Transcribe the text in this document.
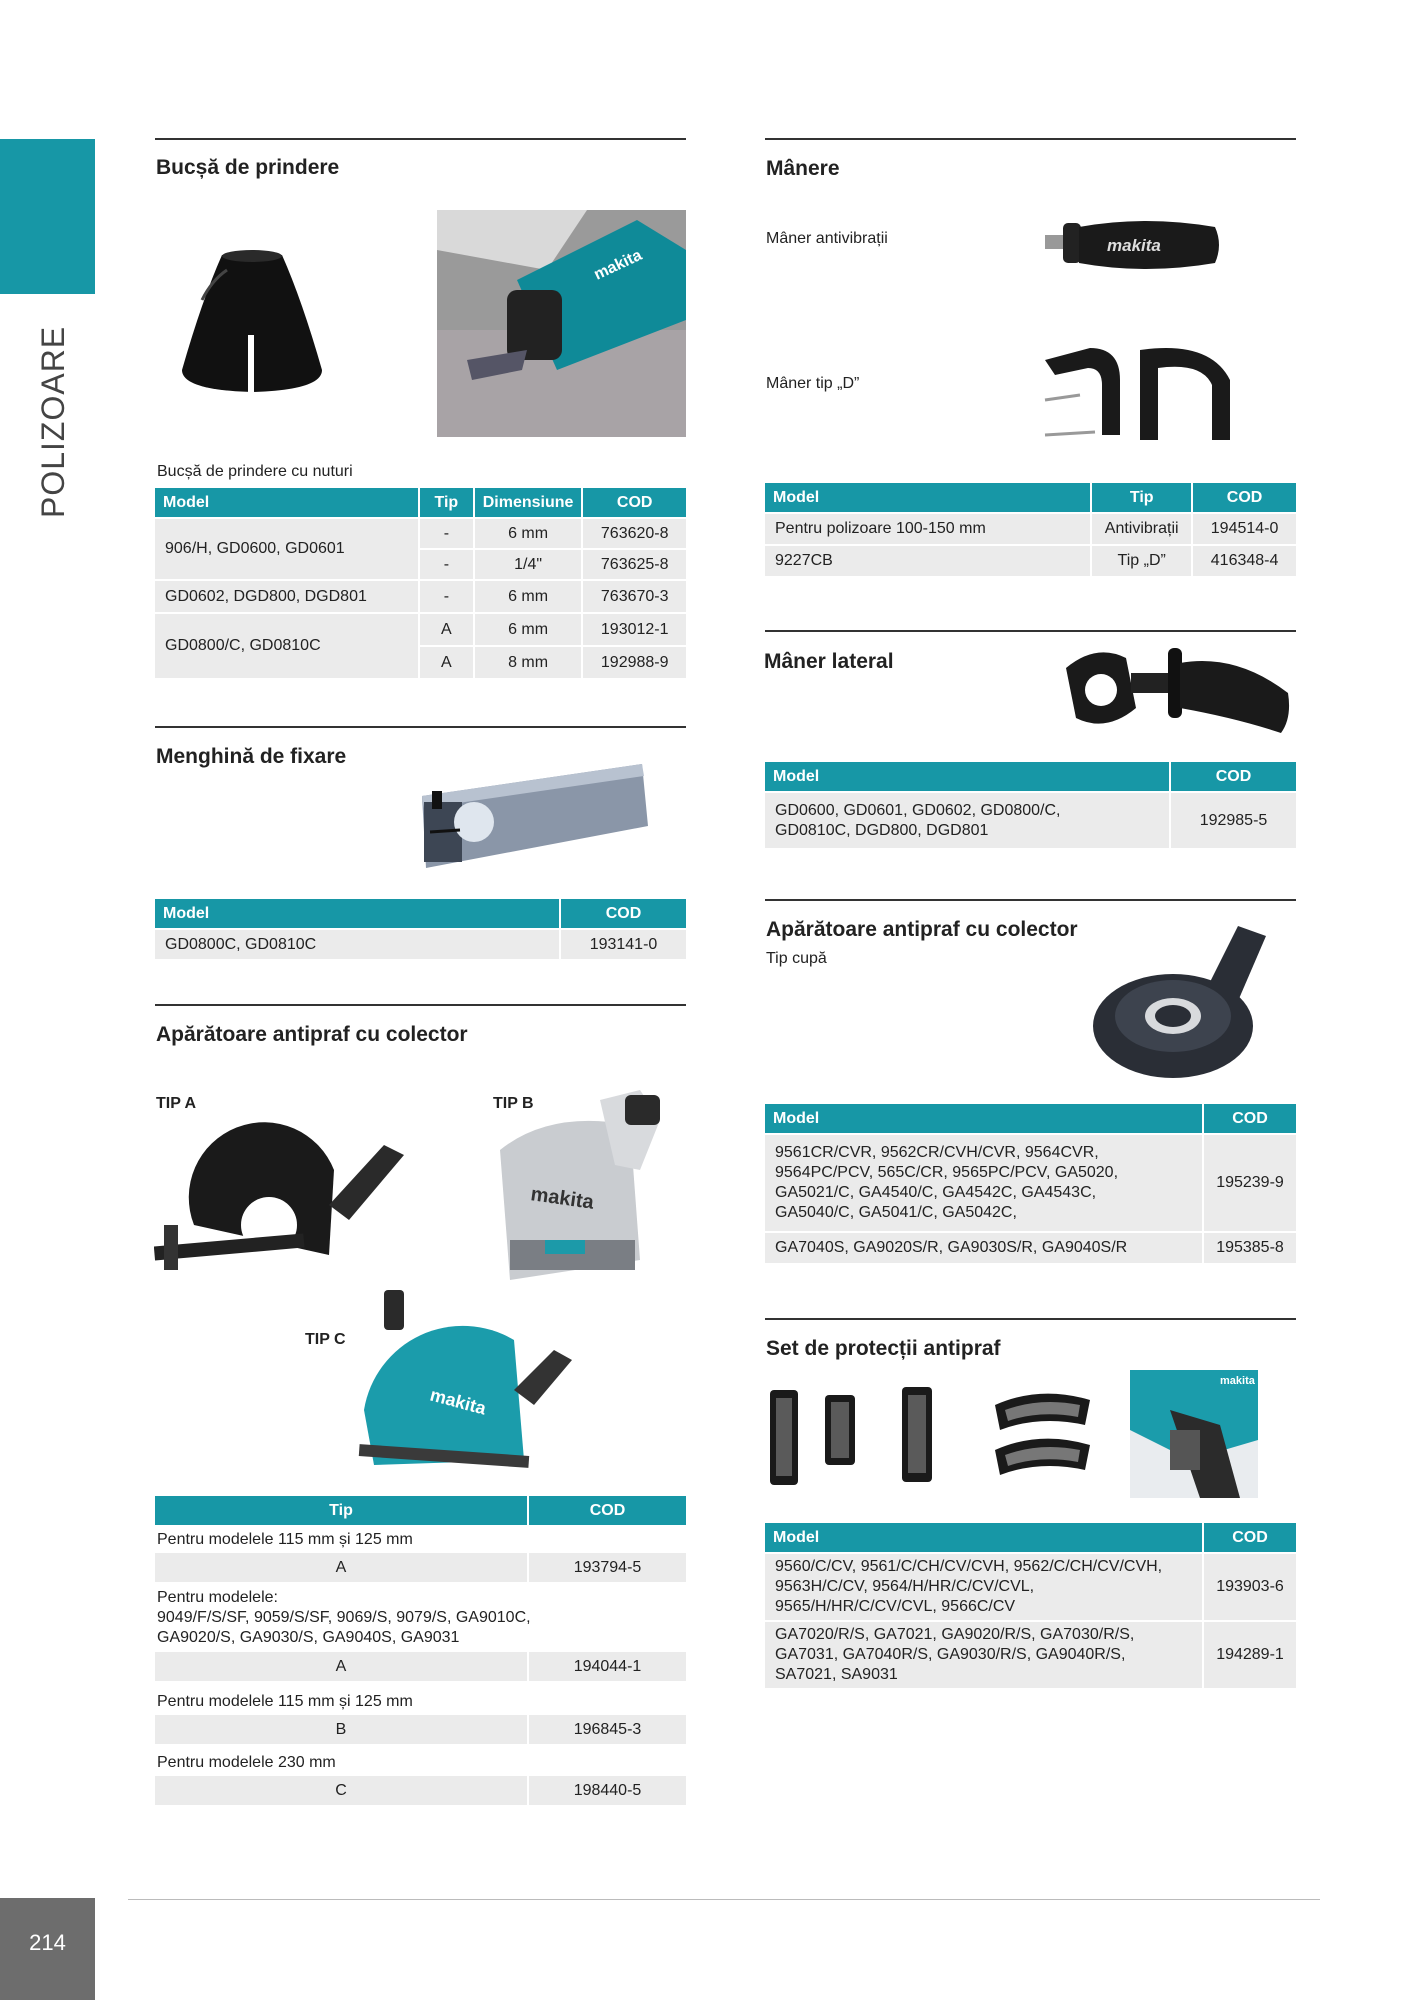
POLIZOARE
214
Bucșă de prindere
makita
Bucșă de prindere cu nuturi
Model	Tip	Dimensiune	COD
906/H, GD0600, GD0601	-	6 mm	763620-8
	-	1/4"	763625-8
GD0602, DGD800, DGD801	-	6 mm	763670-3
GD0800/C, GD0810C	A	6 mm	193012-1
	A	8 mm	192988-9
Menghină de fixare
Model	COD
GD0800C, GD0810C	193141-0
Apărătoare antipraf cu colector
TIP A	TIP B
TIP C
makita
makita
Tip	COD
Pentru modelele 115 mm și 125 mm	
A	193794-5
Pentru modelele:
9049/F/S/SF, 9059/S/SF, 9069/S, 9079/S, GA9010C,
GA9020/S, GA9030/S, GA9040S, GA9031	
A	194044-1
Pentru modelele 115 mm și 125 mm	
B	196845-3
Pentru modelele 230 mm	
C	198440-5
Mânere
Mâner antivibrații
Mâner tip „D”
makita
Model	Tip	COD
Pentru polizoare 100-150 mm	Antivibrații	194514-0
9227CB	Tip „D”	416348-4
Mâner lateral
Model	COD
GD0600, GD0601, GD0602, GD0800/C,
GD0810C, DGD800, DGD801	192985-5
Apărătoare antipraf cu colector
Tip cupă
Model	COD
9561CR/CVR, 9562CR/CVH/CVR, 9564CVR,
9564PC/PCV, 565C/CR, 9565PC/PCV, GA5020,
GA5021/C, GA4540/C, GA4542C, GA4543C,
GA5040/C, GA5041/C, GA5042C,	195239-9
GA7040S, GA9020S/R, GA9030S/R, GA9040S/R	195385-8
Set de protecții antipraf
makita
Model	COD
9560/C/CV, 9561/C/CH/CV/CVH, 9562/C/CH/CV/CVH,
9563H/C/CV, 9564/H/HR/C/CV/CVL,
9565/H/HR/C/CV/CVL, 9566C/CV	193903-6
GA7020/R/S, GA7021, GA9020/R/S, GA7030/R/S,
GA7031, GA7040R/S, GA9030/R/S, GA9040R/S,
SA7021, SA9031	194289-1
